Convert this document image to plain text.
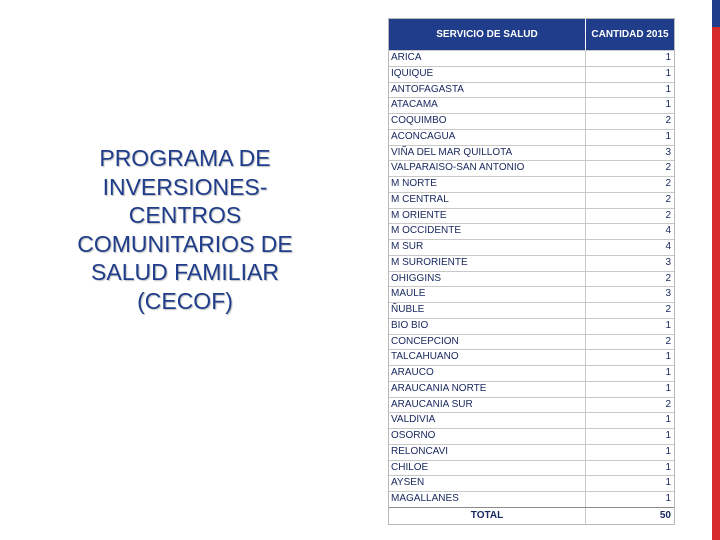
PROGRAMA DE
INVERSIONES-
CENTROS
COMUNITARIOS DE
SALUD FAMILIAR
(CECOF)
SERVICIO DE SALUD	CANTIDAD 2015
ARICA	1
IQUIQUE	1
ANTOFAGASTA	1
ATACAMA	1
COQUIMBO	2
ACONCAGUA	1
VIÑA DEL MAR QUILLOTA	3
VALPARAISO-SAN ANTONIO	2
M NORTE	2
M CENTRAL	2
M ORIENTE	2
M OCCIDENTE	4
M SUR	4
M SURORIENTE	3
OHIGGINS	2
MAULE	3
ÑUBLE	2
BIO BIO	1
CONCEPCION	2
TALCAHUANO	1
ARAUCO	1
ARAUCANIA NORTE	1
ARAUCANIA SUR	2
VALDIVIA	1
OSORNO	1
RELONCAVI	1
CHILOE	1
AYSEN	1
MAGALLANES	1
TOTAL	50
